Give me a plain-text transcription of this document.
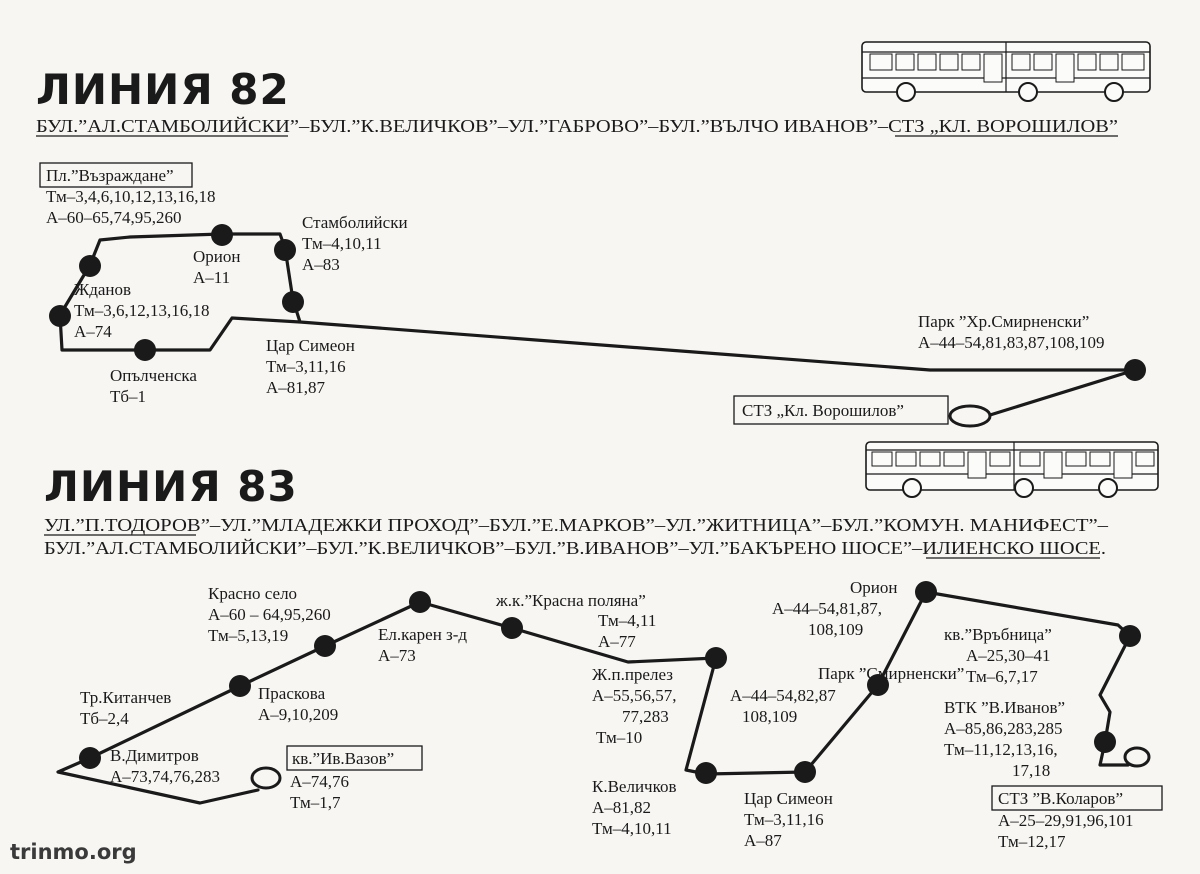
ЛИНИЯ 82
БУЛ.”АЛ.СТАМБОЛИЙСКИ”–БУЛ.”К.ВЕЛИЧКОВ”–УЛ.”ГАБРОВО”–БУЛ.”ВЪЛЧО ИВАНОВ”–СТЗ „КЛ. ВОРОШИЛОВ”
Пл.”Възраждане”
Тм–3,4,6,10,12,13,16,18
А–60–65,74,95,260
Орион
А–11
Стамболийски
Тм–4,10,11
А–83
Жданов
Тм–3,6,12,13,16,18
А–74
Цар Симеон
Тм–3,11,16
А–81,87
Опълченска
Тб–1
Парк ”Хр.Смирненски”
А–44–54,81,83,87,108,109
СТЗ „Кл. Ворошилов”
ЛИНИЯ 83
УЛ.”П.ТОДОРОВ”–УЛ.”МЛАДЕЖКИ ПРОХОД”–БУЛ.”Е.МАРКОВ”–УЛ.”ЖИТНИЦА”–БУЛ.”КОМУН. МАНИФЕСТ”–
БУЛ.”АЛ.СТАМБОЛИЙСКИ”–БУЛ.”К.ВЕЛИЧКОВ”–БУЛ.”В.ИВАНОВ”–УЛ.”БАКЪРЕНО ШОСЕ”–ИЛИЕНСКО ШОСЕ.
Красно село
А–60 – 64,95,260
Тм–5,13,19	Ел.карен з-д
А–73
ж.к.”Красна поляна”
Тм–4,11
А–77
Ж.п.прелез
А–55,56,57,
77,283
Тм–10
Тр.Китанчев
Тб–2,4
Праскова
А–9,10,209
В.Димитров
А–73,74,76,283
кв.”Ив.Вазов”
А–74,76
Тм–1,7
К.Величков
А–81,82
Тм–4,10,11
Цар Симеон
Тм–3,11,16
А–87
Орион
А–44–54,81,87,
108,109
Парк ”Смирненски”
А–44–54,82,87
108,109
кв.”Връбница”
А–25,30–41
Тм–6,7,17
ВТК ”В.Иванов”
А–85,86,283,285
Тм–11,12,13,16,
17,18
СТЗ ”В.Коларов”
А–25–29,91,96,101
Тм–12,17
trinmo.org
